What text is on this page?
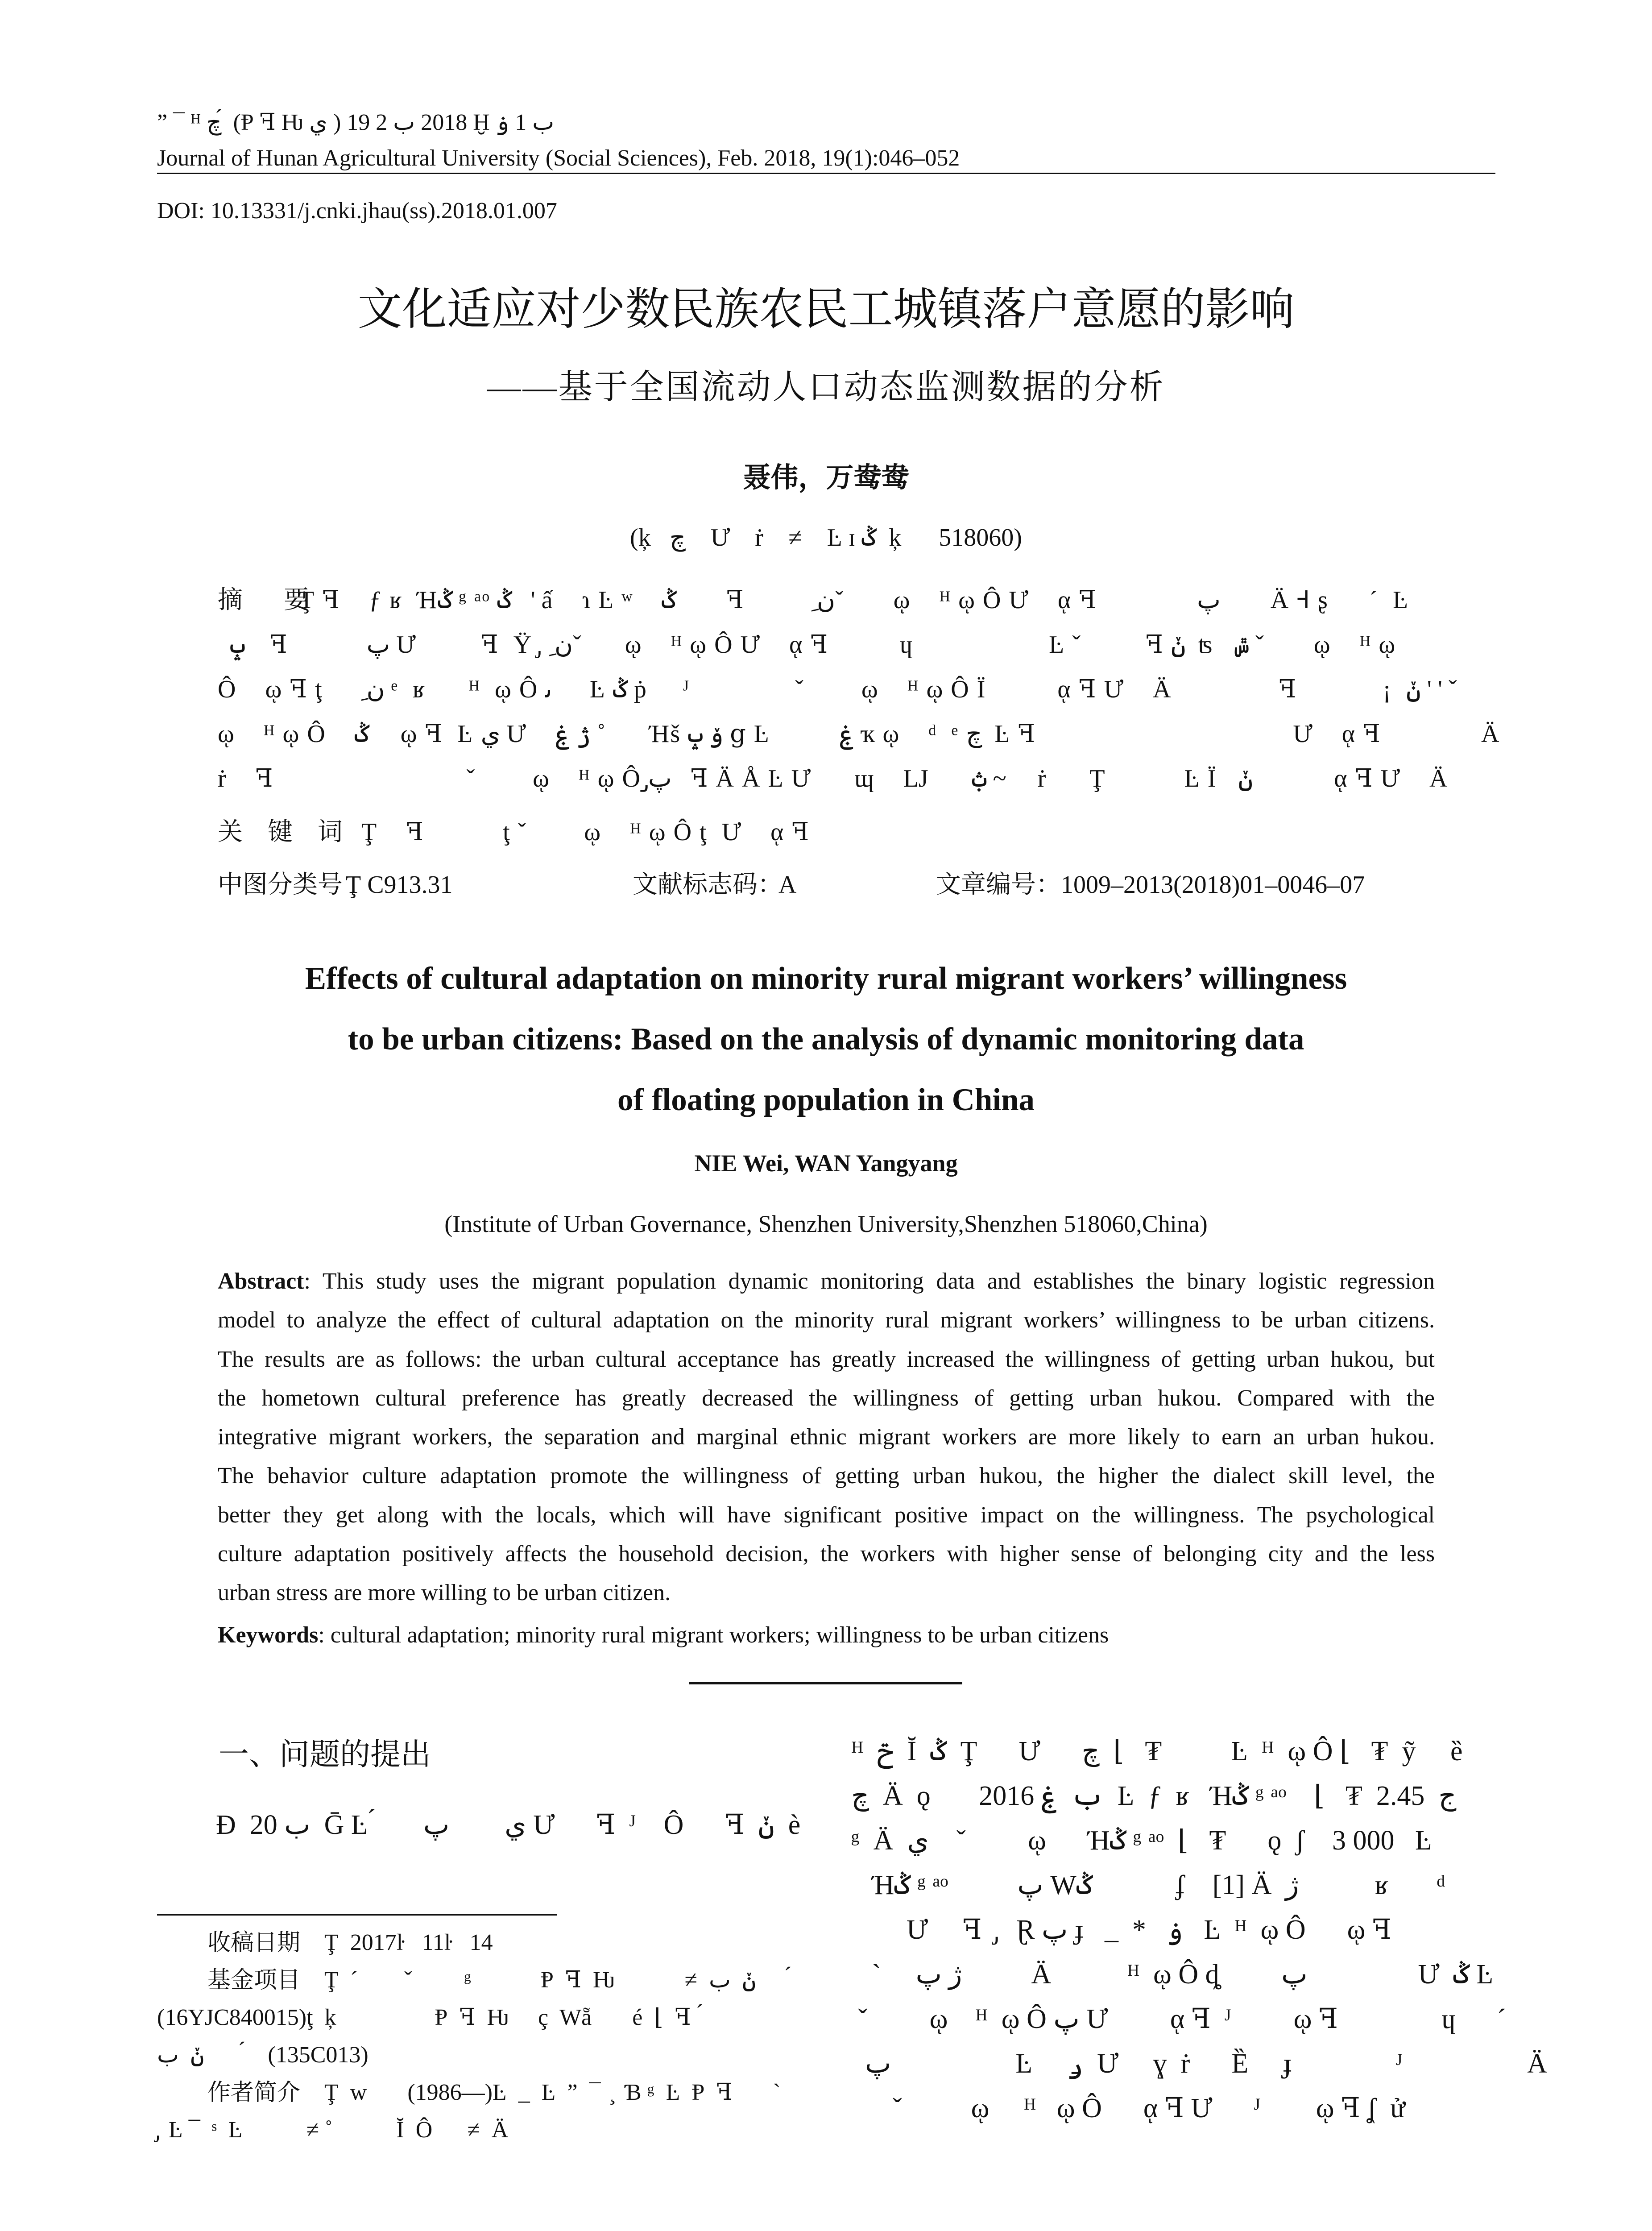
” ¯ ᴴ ﭺ ́ (Ᵽ ꟻ Ƕ ي ) 2018 ب 2 19 Ḫ ب 1 ۏ
Journal of Hunan Agricultural University (Social Sciences), Feb. 2018, 19(1):046–052
DOI: 10.13331/j.cnki.jhau(ss).2018.01.007
文化适应对少数民族农民工城镇落户意愿的影响
——基于全国流动人口动态监测数据的分析
聂伟，万鸯鸯
(ķ   ﭺ    Ư    ṙ    ≠    Ŀ ɪ ݣ  ķ      518060)
摘　要
Ţ ꟻ    ƒ ʁ  Ήݣ ᵍ ᵃᵒ ݣ   ' ấ    ɿ Ŀ ʷ    ݣ        ꟻ          ِنˇ        ῳ    ᴴ ῳ Ô Ư    ᾳ ꟻ              پ        Ä Ꟶ ʂ  ⃞ ´  Ŀ
ݒ    ꟻ           پ Ư         ꟻ  Ÿ ̡  ِنˇ       ῳ    ᴴ ῳ Ô Ư    ᾳ ꟻ          ɥ                   Ŀ ˇ         ꟻ ݩ  ʦ   ݜ ˇ        ῳ    ᴴ ῳ
Ô    ῳ ꟻ ţ      ِن ᵉ  ʁ      ᴴ  ῳ Ô ﯨ      Ŀ ݣ ṗ     ᴶ  ⃞          ˇ        ῳ    ᴴ ῳ Ô Ï          ᾳ ꟻ Ư    Ä               ꟻ            ¡  ݩ ' ' ˇ
ῳ    ᴴ ῳ Ô    ݣ     ῳ ꟻ  Ŀ ي Ư    ژ ۼ ˚       Ήš ۆ ݒ ց Ŀ      ⃞ ۼ ҡ ῳ    ᵈ  ᵉ ﭺ  Ŀ ꟻ                                    Ư    ᾳ ꟻ              Ä
ṙ    ꟻ                           ˇ        ῳ    ᴴ ῳ Ô پ̡   ꟻ Ä Å Ŀ Ư      ɰ    Ǉ      ݑ ~     ṙ      Ţ           Ŀ Ï   ݩ             ᾳ ꟻ Ư    Ä
关　键　词 Ţ    ꟻ           ţ ˇ        ῳ    ᴴ ῳ Ô ţ  Ư    ᾳ ꟻ
中图分类号 Ţ C913.31	文献标志码：
A	文章编号： 1009–2013(2018)01–0046–07
Effects of cultural adaptation on minority rural migrant workers’ willingness
to be urban citizens: Based on the analysis of dynamic monitoring data
of floating population in China
NIE Wei, WAN Yangyang
(Institute of Urban Governance, Shenzhen University,Shenzhen 518060,China)
Abstract: This study uses the migrant population dynamic monitoring data and establishes the binary logistic regression
model to analyze the effect of cultural adaptation on the minority rural migrant workers’ willingness to be urban citizens.
The results are as follows: the urban cultural acceptance has greatly increased the willingness of getting urban hukou, but
the hometown cultural preference has greatly decreased the willingness of getting urban hukou. Compared with the
integrative migrant workers, the separation and marginal ethnic migrant workers are more likely to earn an urban hukou.
The behavior culture adaptation promote the willingness of getting urban hukou, the higher the dialect skill level, the
better they get along with the locals, which will have significant positive impact on the willingness. The psychological
culture adaptation positively affects the household decision, the workers with higher sense of belonging city and the less
urban stress are more willing to be urban citizen.
Keywords: cultural adaptation; minority rural migrant workers; willingness to be urban citizens
一、问题的提出
Ɖ  20 ب  Ḡ Ŀ ́       ي        پ Ư      ꟻ  ᴶ    Ô      ꟻ  ݩ  è
收稿日期 Ţ  2017ŀ   11ŀ   14
基金项目 Ţ  ´        ˇ         ᵍ            Ᵽ  ꟻ  Ƕ            ≠  ݩ  ب       ́
(16YJC840015)ţ  ķ                 Ᵽ  ꟻ  Ƕ     ç  Wẵ       é  ⌊  ꟻ  ́
ݩ  ب       ́    (135C013)
作者简介 Ţ  w       (1986—)Ŀ  _  Ŀ  ”  ¯  ̧  Ɓ ᵍ  Ŀ  Ᵽ  ꟻ       `
̡  Ŀ ¯  ˢ  Ŀ           ≠ ˚           Ĭ  Ô      ≠  Ä
ᴴ  ݗ  Ĭ  ݣ  Ţ      Ư      ﭺ  ⌊   ₮          Ŀ  ᴴ  ῳ Ô ⌊   ₮  ỹ     ȅ
ﭺ  Ä  ǫ       2016 ب  ۼ  Ŀ  ƒ  ʁ   Ήݣ ᵍ ᵃᵒ    ⌊   ₮  ج  2.45
ᵍ  Ä  ي    ˇ         ῳ      Ήݣ ᵍ ᵃᵒ  ⌊   ₮      ǫ  ʃ    3 000   Ŀ
Ήݣ ᵍ ᵃᵒ          پ Wݣ            ʄ    [1] Ä  ژ           ʁ       ᵈ
Ư     ꟻ  ̡   Ɽ پ ɟ   _  *   ۏ   Ŀ  ᴴ  ῳ Ô      ῳ ꟻ
`     ژ پ          Ä           ᴴ  ῳ Ô ȡ         پ                Ư  ݣ Ŀ
ˇ         ῳ    ᴴ  ῳ Ô پ Ư         ᾳ ꟻ  ᴶ         ῳ ꟻ               ɥ      ´
پ                  Ŀ     ݛ  Ư     ɣ  ṙ      Ȅ     ɟ               ᴶ                  Ä
ˇ          ῳ     ᴴ   ῳ Ô      ᾳ ꟻ Ư      ᴶ        ῳ ꟻ ʆ  ử
